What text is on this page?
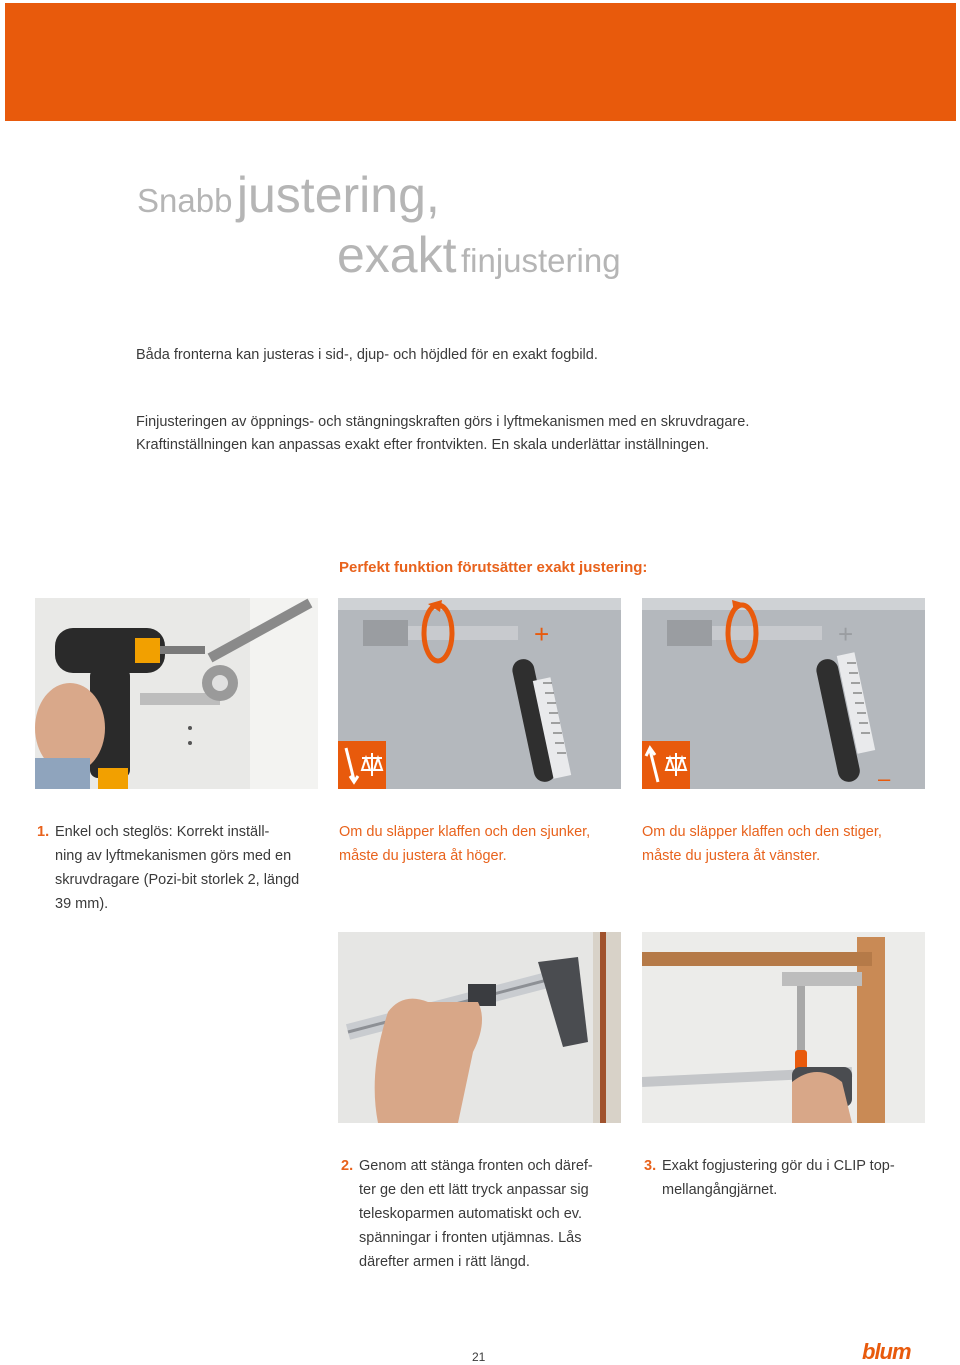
Snabb justering,
exakt finjustering
Båda fronterna kan justeras i sid-, djup- och höjdled för en exakt fogbild.
Finjusteringen av öppnings- och stängningskraften görs i lyftmekanismen med en skruvdragare.
Kraftinställningen kan anpassas exakt efter frontvikten. En skala underlättar inställningen.
Perfekt funktion förutsätter exakt justering:
+	+
–
1. Enkel och steglös: Korrekt inställ-
ning av lyftmekanismen görs med en
skruvdragare (Pozi-bit storlek 2, längd
39 mm).
Om du släpper klaffen och den sjunker,
måste du justera åt höger.
Om du släpper klaffen och den stiger,
måste du justera åt vänster.
2. Genom att stänga fronten och däref-
ter ge den ett lätt tryck anpassar sig
teleskoparmen automatiskt och ev.
spänningar i fronten utjämnas. Lås
därefter armen i rätt längd.
3. Exakt fogjustering gör du i CLIP top-
mellangångjärnet.
21	blum
